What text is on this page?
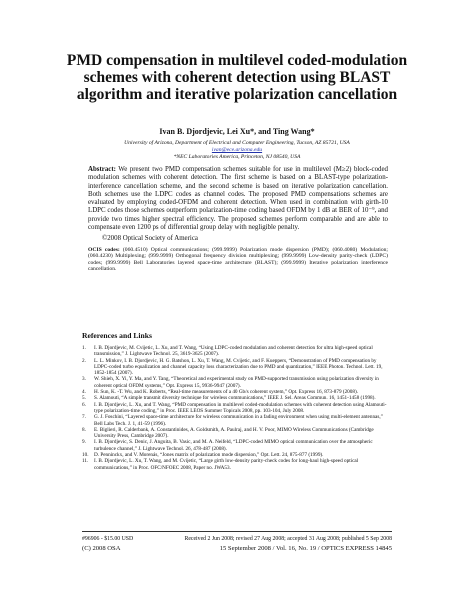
PMD compensation in multilevel coded-modulation schemes with coherent detection using BLAST algorithm and iterative polarization cancellation

Ivan B. Djordjevic, Lei Xu*, and Ting Wang*

University of Arizona, Department of Electrical and Computer Engineering, Tucson, AZ 85721, USA

ivan@ece.arizona.edu

*NEC Laboratories America, Princeton, NJ 08540, USA

Abstract: We present two PMD compensation schemes suitable for use in multilevel (M≥2) block-coded modulation schemes with coherent detection. The first scheme is based on a BLAST-type polarization-interference cancellation scheme, and the second scheme is based on iterative polarization cancellation. Both schemes use the LDPC codes as channel codes. The proposed PMD compensations schemes are evaluated by employing coded-OFDM and coherent detection. When used in combination with girth-10 LDPC codes those schemes outperform polarization-time coding based OFDM by 1 dB at BER of 10⁻⁹, and provide two times higher spectral efficiency. The proposed schemes perform comparable and are able to compensate even 1200 ps of differential group delay with negligible penalty.
©2008 Optical Society of America
OCIS codes: (060.4510) Optical communications; (999.9999) Polarization mode dispersion (PMD); (060.4080) Modulation; (060.4230) Multiplexing; (999.9999) Orthogonal frequency division multiplexing; (999.9999) Low-density parity-check (LDPC) codes; (999.9999) Bell Laboratories layered space-time architecture (BLAST); (999.9999) Iterative polarization interference cancellation.
References and Links
1.	I. B. Djordjevic, M. Cvijetic, L. Xu, and T. Wang, “Using LDPC-coded modulation and coherent detection for ultra high-speed optical transmission,” J. Lightwave Technol. 25, 3619-3625 (2007).
2.	L. L. Minkov, I. B. Djordjevic, H. G. Batshon, L. Xu, T. Wang, M. Cvijetic, and F. Kueppers, “Demonstration of PMD compensation by LDPC-coded turbo equalization and channel capacity loss characterization due to PMD and quantization,” IEEE Photon. Technol. Lett. 19, 1852-1854 (2007).
3.	W. Shieh, X. Yi, Y. Ma, and Y. Tang, “Theoretical and experimental study on PMD-supported transmission using polarization diversity in coherent optical OFDM systems,” Opt. Express 15, 9936-9947 (2007).
4.	H. Sun, K. -T. Wu, and K. Roberts, “Real-time measurements of a 40 Gb/s coherent system,” Opt. Express 16, 873-879 (2008).
5.	S. Alamouti, “A simple transmit diversity technique for wireless communications,” IEEE J. Sel. Areas Commun. 16, 1451-1458 (1998).
6.	I. B. Djordjevic, L. Xu, and T. Wang, “PMD compensation in multilevel coded-modulation schemes with coherent detection using Alamouti-type polarization-time coding,” in Proc. IEEE LEOS Summer Topicals 2008, pp. 103-104, July 2008.
7.	G. J. Foschini, “Layered space-time architecture for wireless communication in a fading environment when using multi-element antennas,” Bell Labs Tech. J. 1, 41-59 (1996).
8.	E. Biglieri, R. Calderbank, A. Constantinides, A. Goldsmith, A. Paulraj, and H. V. Poor, MIMO Wireless Communications (Cambridge University Press, Cambridge 2007).
9.	I. B. Djordjevic, S. Denic, J. Anguita, B. Vasic, and M. A. Neifeld, “LDPC-coded MIMO optical communication over the atmospheric turbulence channel,” J. Lightwave Technol. 26, 478-487 (2008).
10.	D. Penninckx, and V. Morenás, “Jones matrix of polarization mode dispersion,” Opt. Lett. 24, 875-877 (1999).
11.	I. B. Djordjevic, L. Xu, T. Wang, and M. Cvijetic, “Large girth low-density parity-check codes for long-haul high-speed optical communications,” in Proc. OFC/NFOEC 2008, Paper no. JWA53.

#96906 - $15.00 USD	Received 2 Jun 2008; revised 27 Aug 2008; accepted 31 Aug 2008; published 5 Sep 2008

(C) 2008 OSA	15 September 2008 / Vol. 16, No. 19 / OPTICS EXPRESS 14845
